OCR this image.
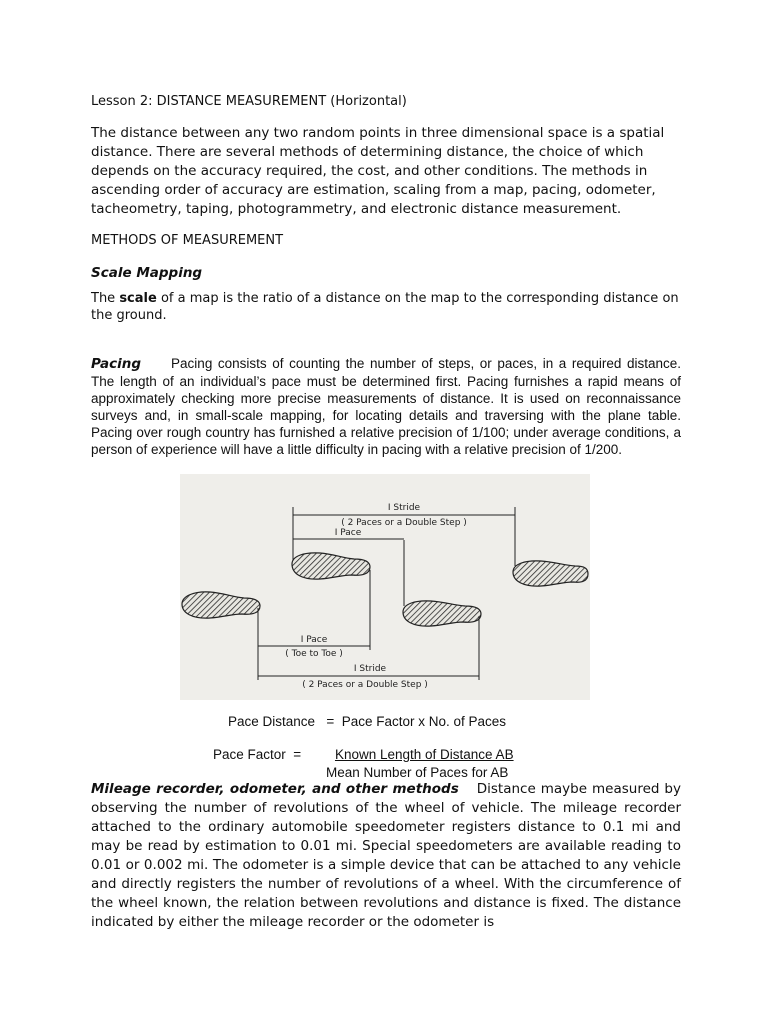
Lesson 2: DISTANCE MEASUREMENT (Horizontal)

The distance between any two random points in three dimensional space is a spatial distance. There are several methods of determining distance, the choice of which depends on the accuracy required, the cost, and other conditions. The methods in ascending order of accuracy are estimation, scaling from a map, pacing, odometer, tacheometry, taping, photogrammetry, and electronic distance measurement.

METHODS OF MEASUREMENT

Scale Mapping

The scale of a map is the ratio of a distance on the map to the corresponding distance on the ground.

Pacing Pacing consists of counting the number of steps, or paces, in a required distance. The length of an individual’s pace must be determined first. Pacing furnishes a rapid means of approximately checking more precise measurements of distance. It is used on reconnaissance surveys and, in small-scale mapping, for locating details and traversing with the plane table. Pacing over rough country has furnished a relative precision of 1/100; under average conditions, a person of experience will have a little difficulty in pacing with a relative precision of 1/200.

I Stride
( 2 Paces or a Double Step )
I Pace
I Pace
( Toe to Toe )
I Stride
( 2 Paces or a Double Step )
Pace Distance = Pace Factor x No. of Paces
Pace Factor =	Known Length of Distance AB
Mean Number of Paces for AB

Mileage recorder, odometer, and other methods Distance maybe measured by observing the number of revolutions of the wheel of vehicle. The mileage recorder attached to the ordinary automobile speedometer registers distance to 0.1 mi and may be read by estimation to 0.01 mi. Special speedometers are available reading to 0.01 or 0.002 mi. The odometer is a simple device that can be attached to any vehicle and directly registers the number of revolutions of a wheel. With the circumference of the wheel known, the relation between revolutions and distance is fixed. The distance indicated by either the mileage recorder or the odometer is
